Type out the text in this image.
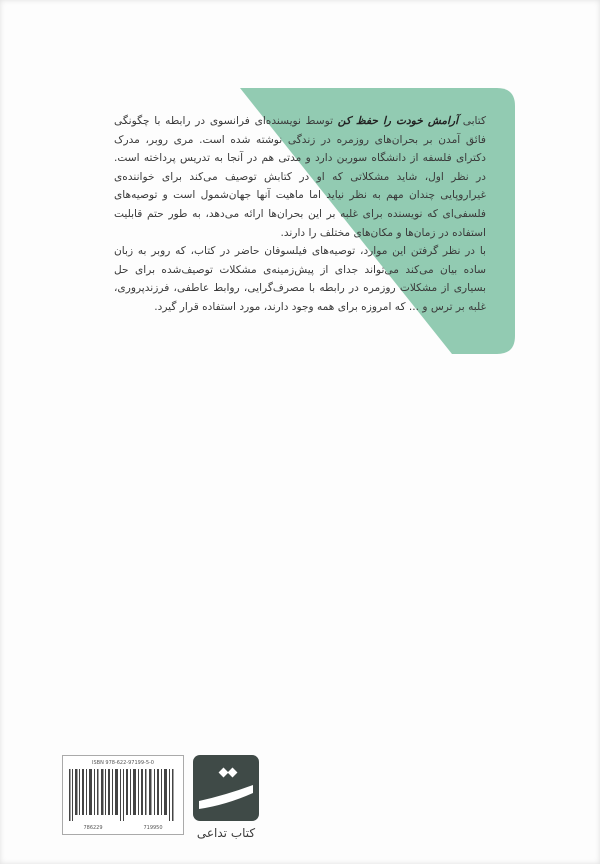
کتابی آرامش خودت را حفظ کن توسط نویسنده‌ای فرانسوی در رابطه با چگونگی فائق آمدن بر بحران‌های روزمره در زندگی نوشته شده است. مری روبر، مدرک دکترای فلسفه از دانشگاه سوربن دارد و مدتی هم در آنجا به تدریس پرداخته است. در نظر اول، شاید مشکلاتی که او در کتابش توصیف می‌کند برای خواننده‌ی غیراروپایی چندان مهم به نظر نیاید اما ماهیت آنها جهان‌شمول است و توصیه‌های فلسفی‌ای که نویسنده برای غلبه بر این بحران‌ها ارائه می‌دهد، به طور حتم قابلیت استفاده در زمان‌ها و مکان‌های مختلف را دارند.

با در نظر گرفتن این موارد، توصیه‌های فیلسوفان حاضر در کتاب، که روبر به زبان ساده بیان می‌کند می‌تواند جدای از پیش‌زمینه‌ی مشکلات توصیف‌شده برای حل بسیاری از مشکلات روزمره در رابطه با مصرف‌گرایی، روابط عاطفی، فرزندپروری، غلبه بر ترس و ... که امروزه برای همه وجود دارند، مورد استفاده قرار گیرد.

ISBN 978-622-97199-5-0
786229	719950	کتاب تداعی
